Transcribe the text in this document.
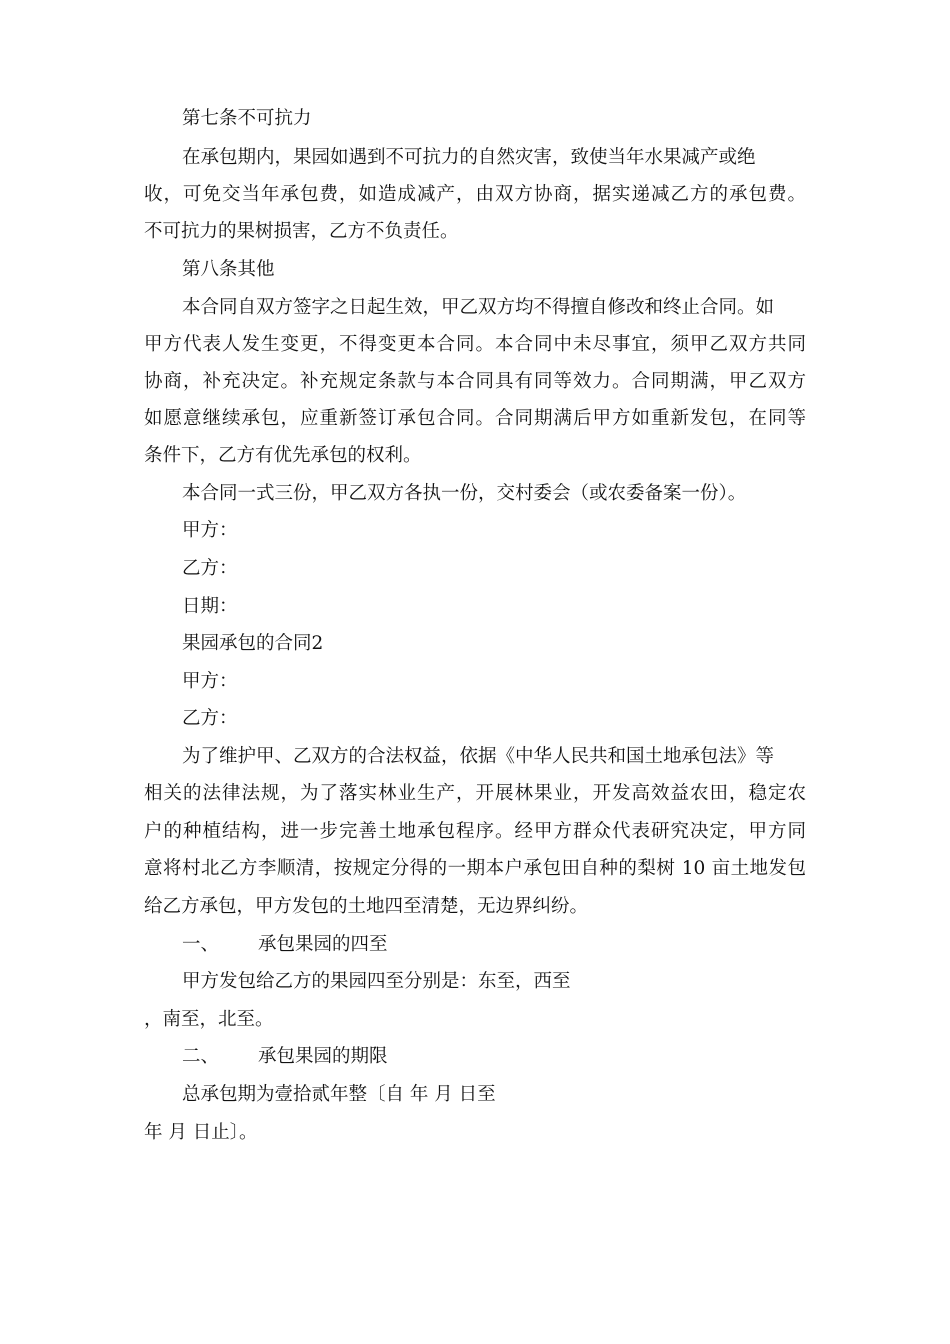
第七条不可抗力
在承包期内，果园如遇到不可抗力的自然灾害，致使当年水果减产或绝
收，可免交当年承包费，如造成减产，由双方协商，据实递减乙方的承包费。
不可抗力的果树损害，乙方不负责任。
第八条其他
本合同自双方签字之日起生效，甲乙双方均不得擅自修改和终止合同。如
甲方代表人发生变更，不得变更本合同。本合同中未尽事宜，须甲乙双方共同
协商，补充决定。补充规定条款与本合同具有同等效力。合同期满，甲乙双方
如愿意继续承包，应重新签订承包合同。合同期满后甲方如重新发包，在同等
条件下，乙方有优先承包的权利。
本合同一式三份，甲乙双方各执一份，交村委会（或农委备案一份）。
甲方：
乙方：
日期：
果园承包的合同2
甲方：
乙方：
为了维护甲、乙双方的合法权益，依据《中华人民共和国土地承包法》等
相关的法律法规，为了落实林业生产，开展林果业，开发高效益农田，稳定农
户的种植结构，进一步完善土地承包程序。经甲方群众代表研究决定，甲方同
意将村北乙方李顺清，按规定分得的一期本户承包田自种的梨树 10 亩土地发包
给乙方承包，甲方发包的土地四至清楚，无边界纠纷。
一、 承包果园的四至
甲方发包给乙方的果园四至分别是：东至，西至
，南至，北至。
二、 承包果园的期限
总承包期为壹拾贰年整〔自 年 月 日至
年 月 日止〕。
